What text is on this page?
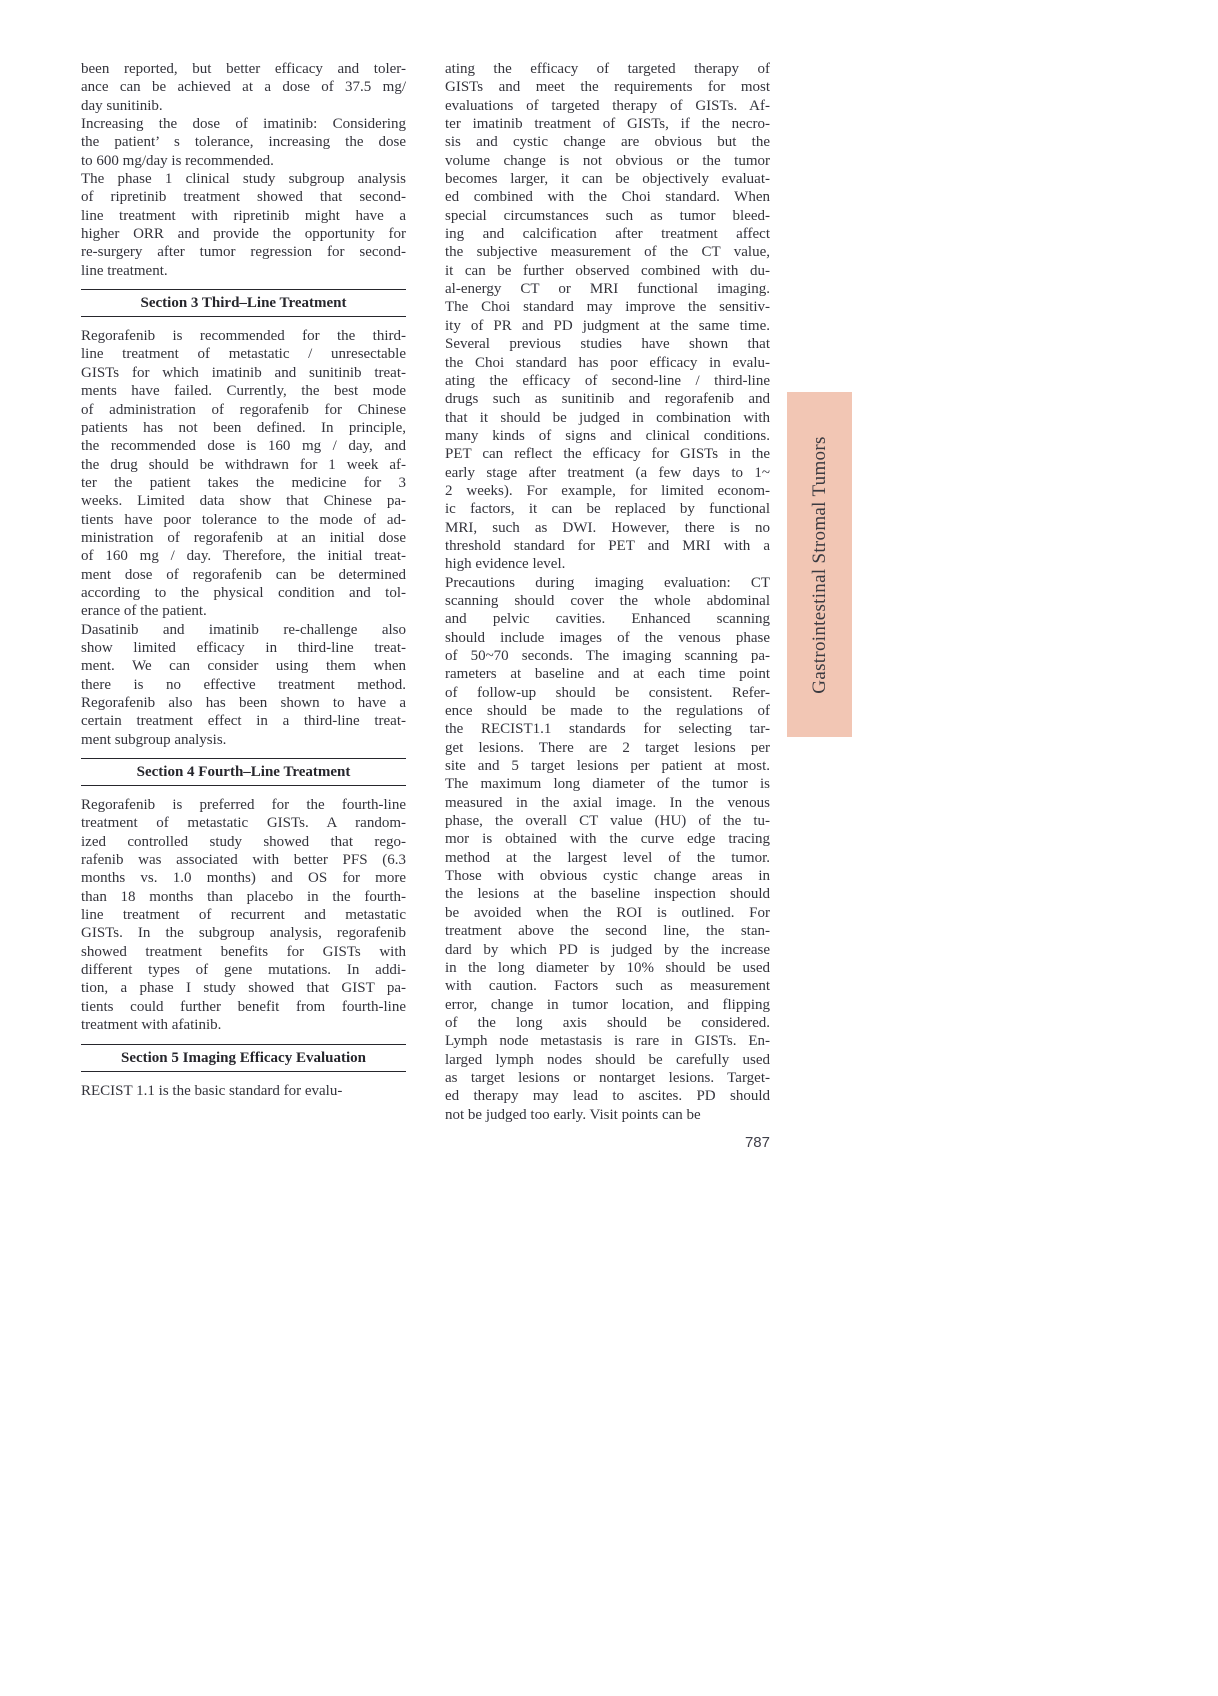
been reported, but better efficacy and toler-
ance can be achieved at a dose of 37.5 mg/
day sunitinib.
Increasing the dose of imatinib: Considering
the patient’ s tolerance, increasing the dose
to 600 mg/day is recommended.
The phase 1 clinical study subgroup analysis
of ripretinib treatment showed that second-
line treatment with ripretinib might have a
higher ORR and provide the opportunity for
re-surgery after tumor regression for second-
line treatment.
Section 3 Third–Line Treatment
Regorafenib is recommended for the third-
line treatment of metastatic / unresectable
GISTs for which imatinib and sunitinib treat-
ments have failed. Currently, the best mode
of administration of regorafenib for Chinese
patients has not been defined. In principle,
the recommended dose is 160 mg / day, and
the drug should be withdrawn for 1 week af-
ter the patient takes the medicine for 3
weeks. Limited data show that Chinese pa-
tients have poor tolerance to the mode of ad-
ministration of regorafenib at an initial dose
of 160 mg / day. Therefore, the initial treat-
ment dose of regorafenib can be determined
according to the physical condition and tol-
erance of the patient.
Dasatinib and imatinib re-challenge also
show limited efficacy in third-line treat-
ment. We can consider using them when
there is no effective treatment method.
Regorafenib also has been shown to have a
certain treatment effect in a third-line treat-
ment subgroup analysis.
Section 4 Fourth–Line Treatment
Regorafenib is preferred for the fourth-line
treatment of metastatic GISTs. A random-
ized controlled study showed that rego-
rafenib was associated with better PFS (6.3
months vs. 1.0 months) and OS for more
than 18 months than placebo in the fourth-
line treatment of recurrent and metastatic
GISTs. In the subgroup analysis, regorafenib
showed treatment benefits for GISTs with
different types of gene mutations. In addi-
tion, a phase I study showed that GIST pa-
tients could further benefit from fourth-line
treatment with afatinib.
Section 5 Imaging Efficacy Evaluation
RECIST 1.1 is the basic standard for evalu-
ating the efficacy of targeted therapy of
GISTs and meet the requirements for most
evaluations of targeted therapy of GISTs. Af-
ter imatinib treatment of GISTs, if the necro-
sis and cystic change are obvious but the
volume change is not obvious or the tumor
becomes larger, it can be objectively evaluat-
ed combined with the Choi standard. When
special circumstances such as tumor bleed-
ing and calcification after treatment affect
the subjective measurement of the CT value,
it can be further observed combined with du-
al-energy CT or MRI functional imaging.
The Choi standard may improve the sensitiv-
ity of PR and PD judgment at the same time.
Several previous studies have shown that
the Choi standard has poor efficacy in evalu-
ating the efficacy of second-line / third-line
drugs such as sunitinib and regorafenib and
that it should be judged in combination with
many kinds of signs and clinical conditions.
PET can reflect the efficacy for GISTs in the
early stage after treatment (a few days to 1~
2 weeks). For example, for limited econom-
ic factors, it can be replaced by functional
MRI, such as DWI. However, there is no
threshold standard for PET and MRI with a
high evidence level.
Precautions during imaging evaluation: CT
scanning should cover the whole abdominal
and pelvic cavities. Enhanced scanning
should include images of the venous phase
of 50~70 seconds. The imaging scanning pa-
rameters at baseline and at each time point
of follow-up should be consistent. Refer-
ence should be made to the regulations of
the RECIST1.1 standards for selecting tar-
get lesions. There are 2 target lesions per
site and 5 target lesions per patient at most.
The maximum long diameter of the tumor is
measured in the axial image. In the venous
phase, the overall CT value (HU) of the tu-
mor is obtained with the curve edge tracing
method at the largest level of the tumor.
Those with obvious cystic change areas in
the lesions at the baseline inspection should
be avoided when the ROI is outlined. For
treatment above the second line, the stan-
dard by which PD is judged by the increase
in the long diameter by 10% should be used
with caution. Factors such as measurement
error, change in tumor location, and flipping
of the long axis should be considered.
Lymph node metastasis is rare in GISTs. En-
larged lymph nodes should be carefully used
as target lesions or nontarget lesions. Target-
ed therapy may lead to ascites. PD should
not be judged too early. Visit points can be
Gastrointestinal Stromal Tumors
787
